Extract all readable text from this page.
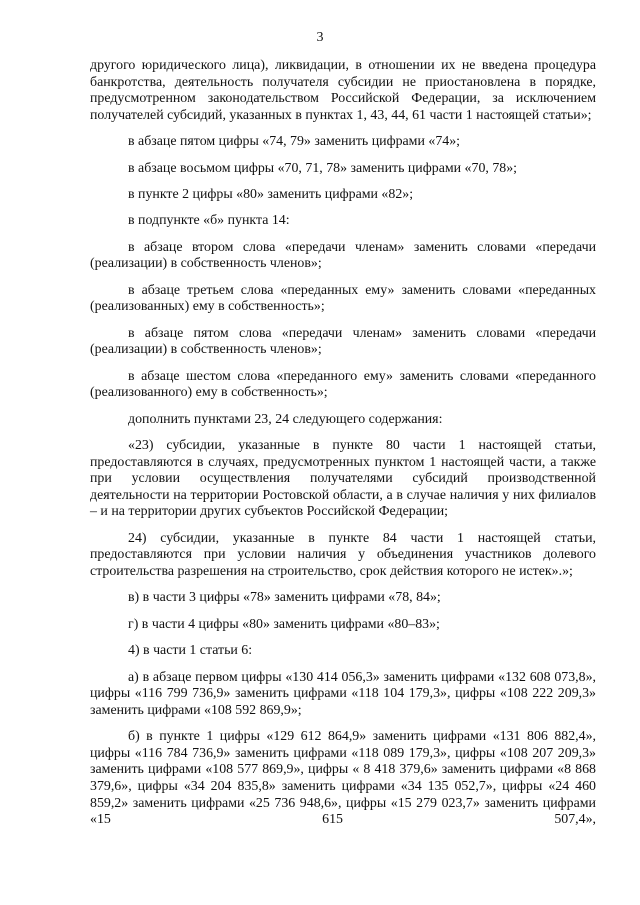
3

другого юридического лица), ликвидации, в отношении их не введена процедура банкротства, деятельность получателя субсидии не приостановлена в порядке, предусмотренном законодательством Российской Федерации, за исключением получателей субсидий, указанных в пунктах 1, 43, 44, 61 части 1 настоящей статьи»;

в абзаце пятом цифры «74, 79» заменить цифрами «74»;

в абзаце восьмом цифры «70, 71, 78» заменить цифрами «70, 78»;

в пункте 2 цифры «80» заменить цифрами «82»;

в подпункте «б» пункта 14:

в абзаце втором слова «передачи членам» заменить словами «передачи (реализации) в собственность членов»;

в абзаце третьем слова «переданных ему» заменить словами «переданных (реализованных) ему в собственность»;

в абзаце пятом слова «передачи членам» заменить словами «передачи (реализации) в собственность членов»;

в абзаце шестом слова «переданного ему» заменить словами «переданного (реализованного) ему в собственность»;

дополнить пунктами 23, 24 следующего содержания:

«23) субсидии, указанные в пункте 80 части 1 настоящей статьи, предоставляются в случаях, предусмотренных пунктом 1 настоящей части, а также при условии осуществления получателями субсидий производственной деятельности на территории Ростовской области, а в случае наличия у них филиалов – и на территории других субъектов Российской Федерации;

24) субсидии, указанные в пункте 84 части 1 настоящей статьи, предоставляются при условии наличия у объединения участников долевого строительства разрешения на строительство, срок действия которого не истек».»;

в) в части 3 цифры «78» заменить цифрами «78, 84»;

г) в части 4 цифры «80» заменить цифрами «80–83»;

4) в части 1 статьи 6:

а) в абзаце первом цифры «130 414 056,3» заменить цифрами «132 608 073,8», цифры «116 799 736,9» заменить цифрами «118 104 179,3», цифры «108 222 209,3» заменить цифрами «108 592 869,9»;

б) в пункте 1 цифры «129 612 864,9» заменить цифрами «131 806 882,4», цифры «116 784 736,9» заменить цифрами «118 089 179,3», цифры «108 207 209,3» заменить цифрами «108 577 869,9», цифры « 8 418 379,6» заменить цифрами «8 868 379,6», цифры «34 204 835,8» заменить цифрами «34 135 052,7», цифры «24 460 859,2» заменить цифрами «25 736 948,6», цифры «15 279 023,7» заменить цифрами «15 615 507,4»,
